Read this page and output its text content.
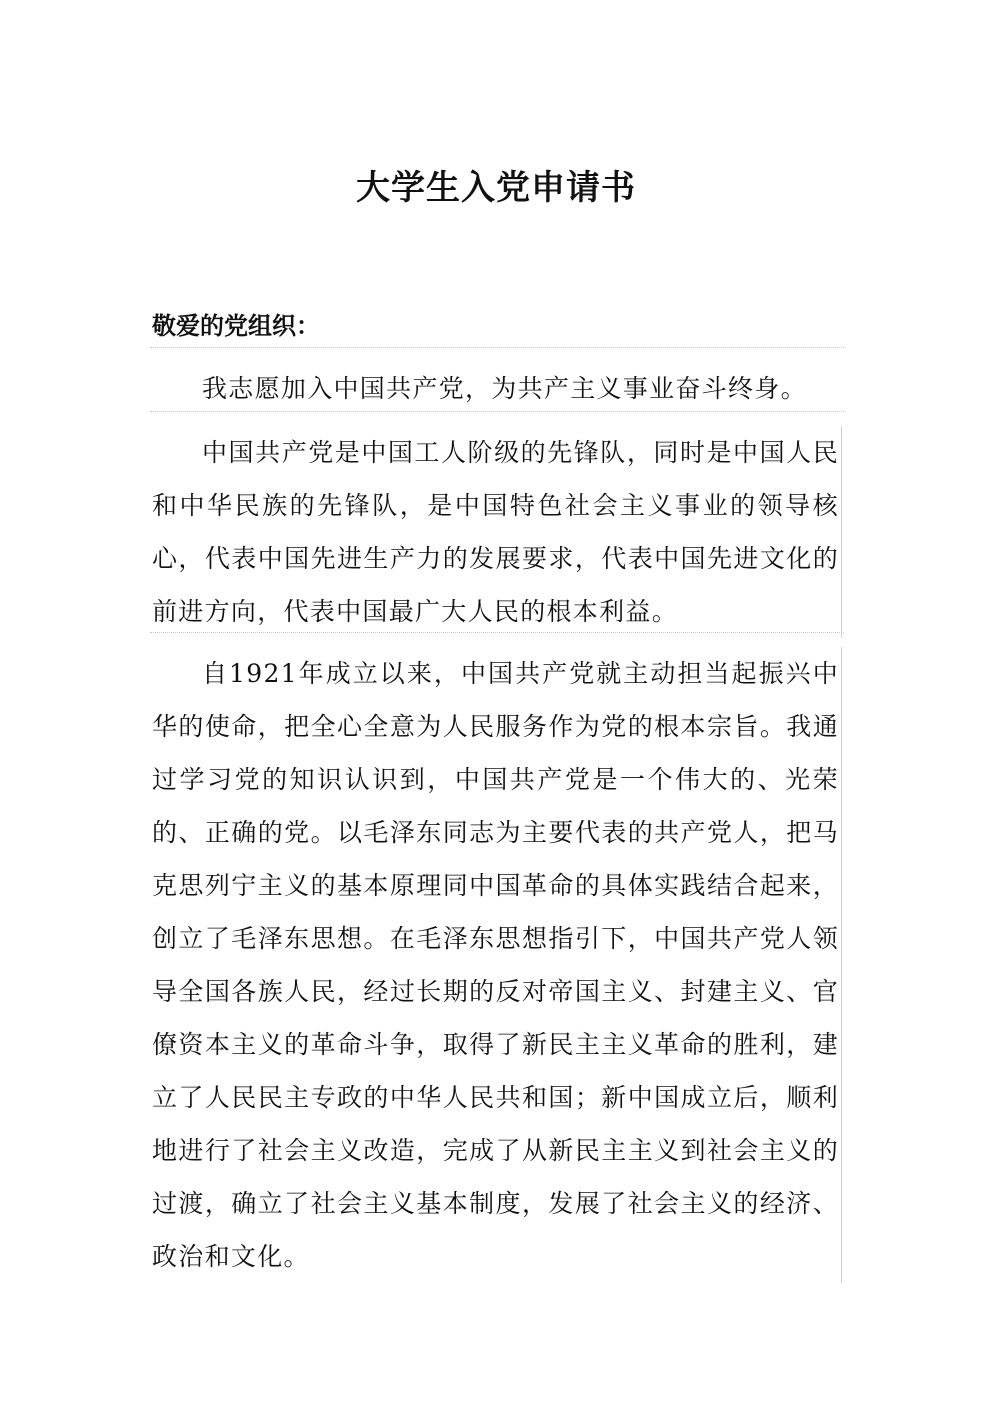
大学生入党申请书
敬爱的党组织：
我志愿加入中国共产党，为共产主义事业奋斗终身。
中国共产党是中国工人阶级的先锋队，同时是中国人民和中华民族的先锋队，是中国特色社会主义事业的领导核心，代表中国先进生产力的发展要求，代表中国先进文化的前进方向，代表中国最广大人民的根本利益。
自1921年成立以来，中国共产党就主动担当起振兴中华的使命，把全心全意为人民服务作为党的根本宗旨。我通过学习党的知识认识到，中国共产党是一个伟大的、光荣的、正确的党。以毛泽东同志为主要代表的共产党人，把马克思列宁主义的基本原理同中国革命的具体实践结合起来，创立了毛泽东思想。在毛泽东思想指引下，中国共产党人领导全国各族人民，经过长期的反对帝国主义、封建主义、官僚资本主义的革命斗争，取得了新民主主义革命的胜利，建立了人民民主专政的中华人民共和国；新中国成立后，顺利地进行了社会主义改造，完成了从新民主主义到社会主义的过渡，确立了社会主义基本制度，发展了社会主义的经济、政治和文化。
